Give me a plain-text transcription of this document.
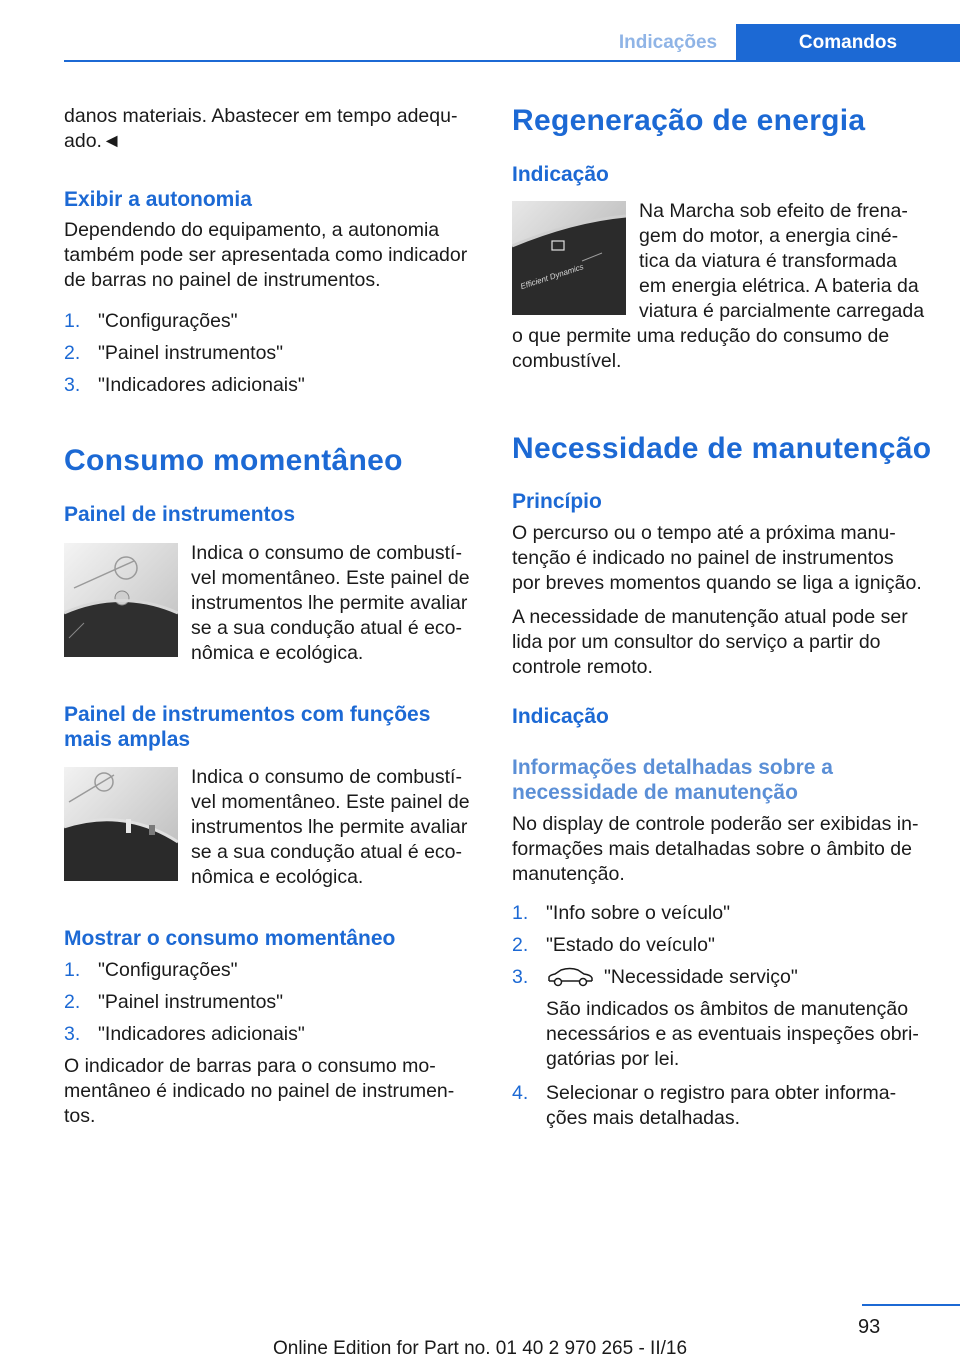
Indicações	Comandos
danos materiais. Abastecer em tempo adequ‐
ado.◄
Exibir a autonomia
Dependendo do equipamento, a autonomia
também pode ser apresentada como indicador
de barras no painel de instrumentos.
1. "Configurações"
2. "Painel instrumentos"
3. "Indicadores adicionais"
Consumo momentâneo
Painel de instrumentos
Indica o consumo de combustí‐
vel momentâneo. Este painel de
instrumentos lhe permite avaliar
se a sua condução atual é eco‐
nômica e ecológica.
Painel de instrumentos com funções
mais amplas
Indica o consumo de combustí‐
vel momentâneo. Este painel de
instrumentos lhe permite avaliar
se a sua condução atual é eco‐
nômica e ecológica.
Mostrar o consumo momentâneo
1. "Configurações"
2. "Painel instrumentos"
3. "Indicadores adicionais"
O indicador de barras para o consumo mo‐
mentâneo é indicado no painel de instrumen‐
tos.
Regeneração de energia
Indicação
Efficient Dynamics
Na Marcha sob efeito de frena‐
gem do motor, a energia ciné‐
tica da viatura é transformada
em energia elétrica. A bateria da
viatura é parcialmente carregada
o que permite uma redução do consumo de
combustível.
Necessidade de manutenção
Princípio
O percurso ou o tempo até a próxima manu‐
tenção é indicado no painel de instrumentos
por breves momentos quando se liga a ignição.
A necessidade de manutenção atual pode ser
lida por um consultor do serviço a partir do
controle remoto.
Indicação
Informações detalhadas sobre a
necessidade de manutenção
No display de controle poderão ser exibidas in‐
formações mais detalhadas sobre o âmbito de
manutenção.
1. "Info sobre o veículo"
2. "Estado do veículo"
3.	"Necessidade serviço"
São indicados os âmbitos de manutenção
necessários e as eventuais inspeções obri‐
gatórias por lei.
4. Selecionar o registro para obter informa‐
ções mais detalhadas.
93
Online Edition for Part no. 01 40 2 970 265 - II/16
